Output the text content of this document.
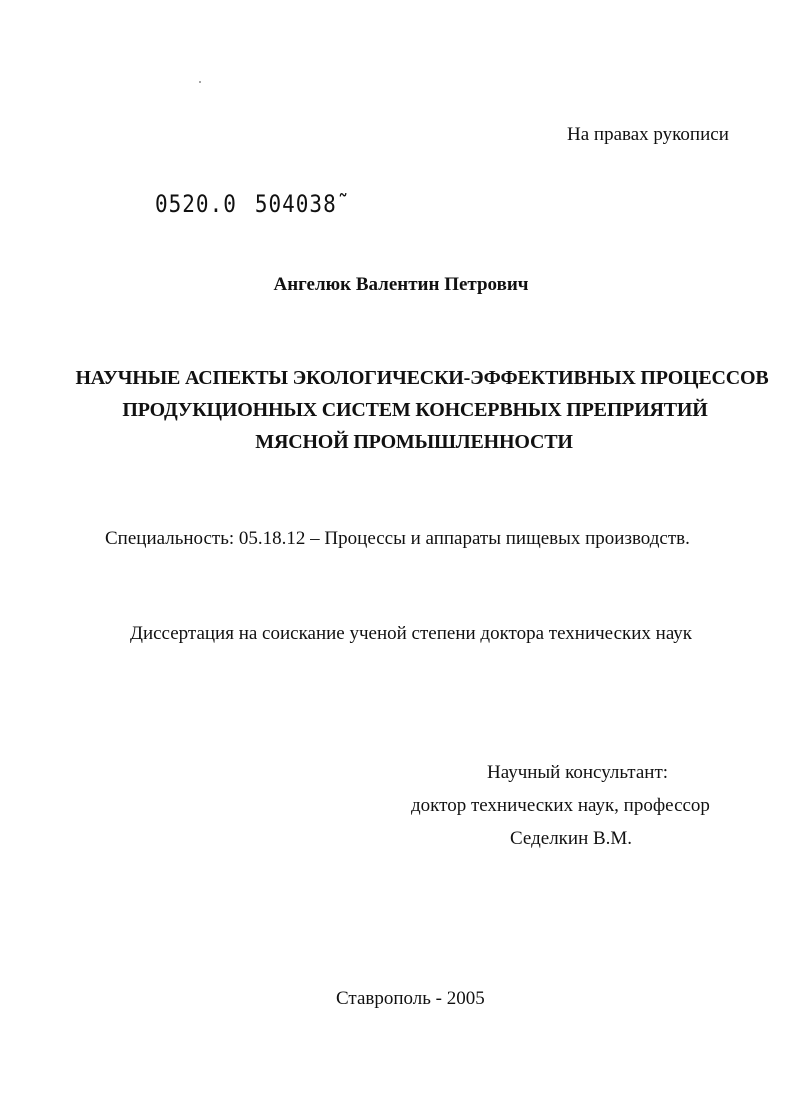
На правах рукописи
0520.0 504038˜
Ангелюк Валентин Петрович
НАУЧНЫЕ АСПЕКТЫ ЭКОЛОГИЧЕСКИ-ЭФФЕКТИВНЫХ ПРОЦЕССОВ
ПРОДУКЦИОННЫХ СИСТЕМ КОНСЕРВНЫХ ПРЕПРИЯТИЙ
МЯСНОЙ ПРОМЫШЛЕННОСТИ
Специальность: 05.18.12 – Процессы и аппараты пищевых производств.
Диссертация на соискание ученой степени доктора технических наук
Научный консультант:
доктор технических наук, профессор
Седелкин В.М.
Ставрополь - 2005
